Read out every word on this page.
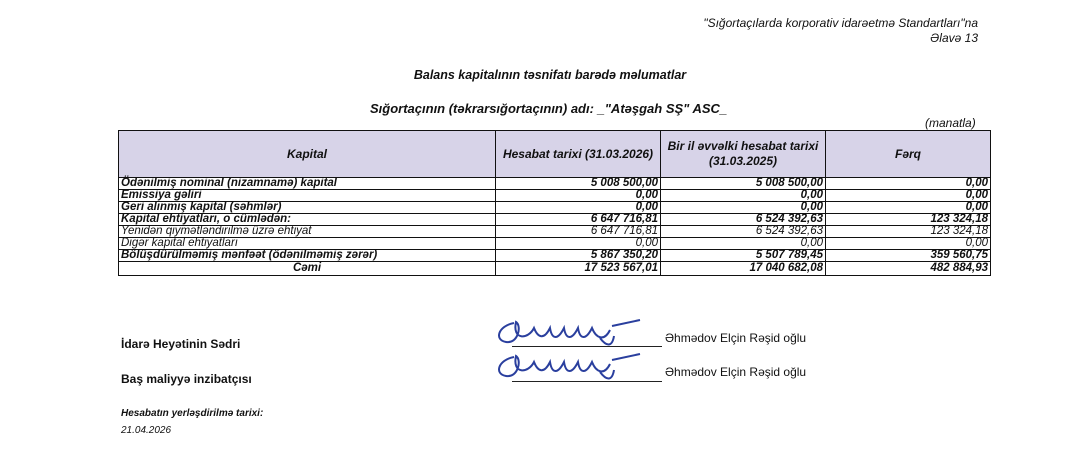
"Sığortaçılarda korporativ idarəetmə Standartları"na
Əlavə 13
Balans kapitalının təsnifatı barədə məlumatlar
Sığortaçının (təkrarsığortaçının) adı: _"Atəşgah SŞ" ASC_
(manatla)
Kapital	Hesabat tarixi (31.03.2026)	Bir il əvvəlki hesabat tarixi (31.03.2025)	Fərq
Ödənilmiş nominal (nizamnamə) kapital	5 008 500,00	5 008 500,00	0,00
Emissiya gəliri	0,00	0,00	0,00
Geri alınmış kapital (səhmlər)	0,00	0,00	0,00
Kapital ehtiyatları, o cümlədən:	6 647 716,81	6 524 392,63	123 324,18
Yenidən qiymətləndirilmə üzrə ehtiyat	6 647 716,81	6 524 392,63	123 324,18
Digər kapital ehtiyatları	0,00	0,00	0,00
Bölüşdürülməmiş mənfəət (ödənilməmiş zərər)	5 867 350,20	5 507 789,45	359 560,75
Cəmi	17 523 567,01	17 040 682,08	482 884,93
İdarə Heyətinin Sədri	Əhmədov Elçin Rəşid oğlu
Baş maliyyə inzibatçısı	Əhmədov Elçin Rəşid oğlu
Hesabatın yerləşdirilmə tarixi:
21.04.2026
